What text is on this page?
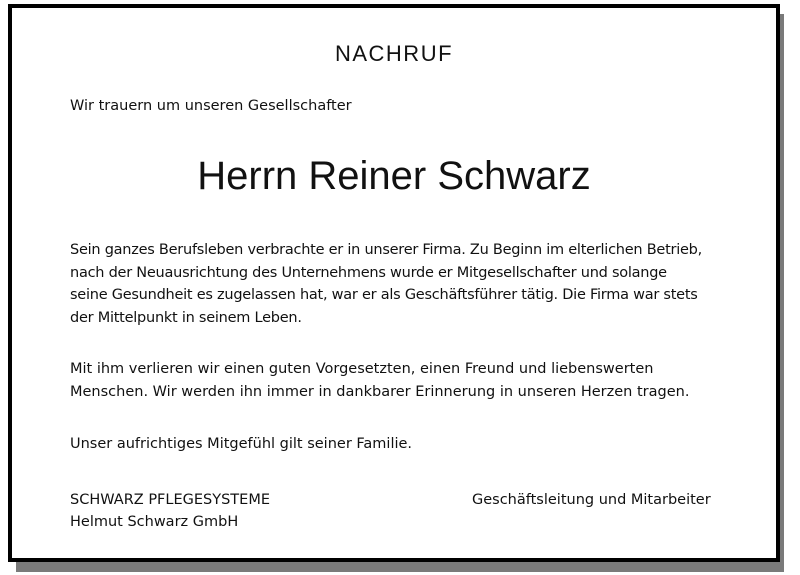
NACHRUF
Wir trauern um unseren Gesellschafter
Herrn Reiner Schwarz
Sein ganzes Berufsleben verbrachte er in unserer Firma. Zu Beginn im elterlichen Betrieb,
nach der Neuausrichtung des Unternehmens wurde er Mitgesellschafter und solange
seine Gesundheit es zugelassen hat, war er als Geschäftsführer tätig. Die Firma war stets
der Mittelpunkt in seinem Leben.
Mit ihm verlieren wir einen guten Vorgesetzten, einen Freund und liebenswerten
Menschen. Wir werden ihn immer in dankbarer Erinnerung in unseren Herzen tragen.
Unser aufrichtiges Mitgefühl gilt seiner Familie.
SCHWARZ PFLEGESYSTEME
Helmut Schwarz GmbH
Geschäftsleitung und Mitarbeiter
